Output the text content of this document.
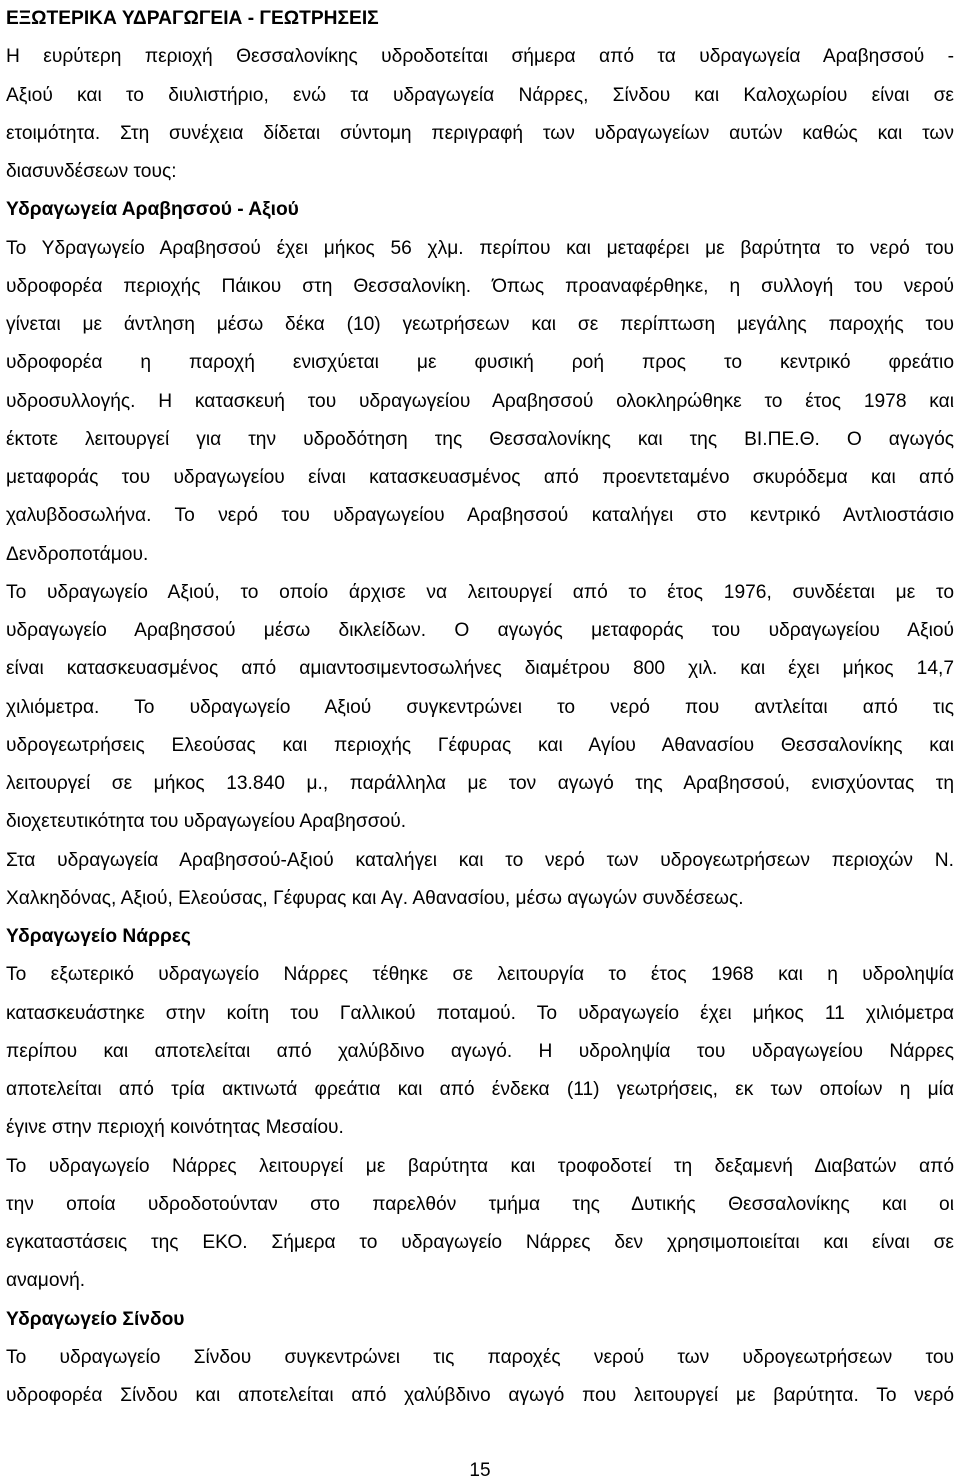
ΕΞΩΤΕΡΙΚΑ ΥΔΡΑΓΩΓΕΙΑ - ΓΕΩΤΡΗΣΕΙΣ
Η ευρύτερη περιοχή Θεσσαλονίκης υδροδοτείται σήμερα από τα υδραγωγεία Αραβησσού -
Αξιού και το διυλιστήριο, ενώ τα υδραγωγεία Νάρρες, Σίνδου και Καλοχωρίου είναι σε
ετοιμότητα. Στη συνέχεια δίδεται σύντομη περιγραφή των υδραγωγείων αυτών καθώς και των
διασυνδέσεων τους:
Υδραγωγεία Αραβησσού - Αξιού
Το Υδραγωγείο Αραβησσού έχει μήκος 56 χλμ. περίπου και μεταφέρει με βαρύτητα το νερό του
υδροφορέα περιοχής Πάικου στη Θεσσαλονίκη. Όπως προαναφέρθηκε, η συλλογή του νερού
γίνεται με άντληση μέσω δέκα (10) γεωτρήσεων και σε περίπτωση μεγάλης παροχής του
υδροφορέα η παροχή ενισχύεται με φυσική ροή προς το κεντρικό φρεάτιο
υδροσυλλογής. Η κατασκευή του υδραγωγείου Αραβησσού ολοκληρώθηκε το έτος 1978 και
έκτοτε λειτουργεί για την υδροδότηση της Θεσσαλονίκης και της ΒΙ.ΠΕ.Θ. Ο αγωγός
μεταφοράς του υδραγωγείου είναι κατασκευασμένος από προεντεταμένο σκυρόδεμα και από
χαλυβδοσωλήνα. Το νερό του υδραγωγείου Αραβησσού καταλήγει στο κεντρικό Αντλιοστάσιο
Δενδροποτάμου.
Το υδραγωγείο Αξιού, το οποίο άρχισε να λειτουργεί από το έτος 1976, συνδέεται με το
υδραγωγείο Αραβησσού μέσω δικλείδων. Ο αγωγός μεταφοράς του υδραγωγείου Αξιού
είναι κατασκευασμένος από αμιαντοσιμεντοσωλήνες διαμέτρου 800 χιλ. και έχει μήκος 14,7
χιλιόμετρα. Το υδραγωγείο Αξιού συγκεντρώνει το νερό που αντλείται από τις
υδρογεωτρήσεις Ελεούσας και περιοχής Γέφυρας και Αγίου Αθανασίου Θεσσαλονίκης και
λειτουργεί σε μήκος 13.840 μ., παράλληλα με τον αγωγό της Αραβησσού, ενισχύοντας τη
διοχετευτικότητα του υδραγωγείου Αραβησσού.
Στα υδραγωγεία Αραβησσού-Αξιού καταλήγει και το νερό των υδρογεωτρήσεων περιοχών Ν.
Χαλκηδόνας, Αξιού, Ελεούσας, Γέφυρας και Αγ. Αθανασίου, μέσω αγωγών συνδέσεως.
Υδραγωγείο Νάρρες
Το εξωτερικό υδραγωγείο Νάρρες τέθηκε σε λειτουργία το έτος 1968 και η υδροληψία
κατασκευάστηκε στην κοίτη του Γαλλικού ποταμού. Το υδραγωγείο έχει μήκος 11 χιλιόμετρα
περίπου και αποτελείται από χαλύβδινο αγωγό. Η υδροληψία του υδραγωγείου Νάρρες
αποτελείται από τρία ακτινωτά φρεάτια και από ένδεκα (11) γεωτρήσεις, εκ των οποίων η μία
έγινε στην περιοχή κοινότητας Μεσαίου.
Το υδραγωγείο Νάρρες λειτουργεί με βαρύτητα και τροφοδοτεί τη δεξαμενή Διαβατών από
την οποία υδροδοτούνταν στο παρελθόν τμήμα της Δυτικής Θεσσαλονίκης και οι
εγκαταστάσεις της ΕΚΟ. Σήμερα το υδραγωγείο Νάρρες δεν χρησιμοποιείται και είναι σε
αναμονή.
Υδραγωγείο Σίνδου
Το υδραγωγείο Σίνδου συγκεντρώνει τις παροχές νερού των υδρογεωτρήσεων του
υδροφορέα Σίνδου και αποτελείται από χαλύβδινο αγωγό που λειτουργεί με βαρύτητα. Το νερό
15
